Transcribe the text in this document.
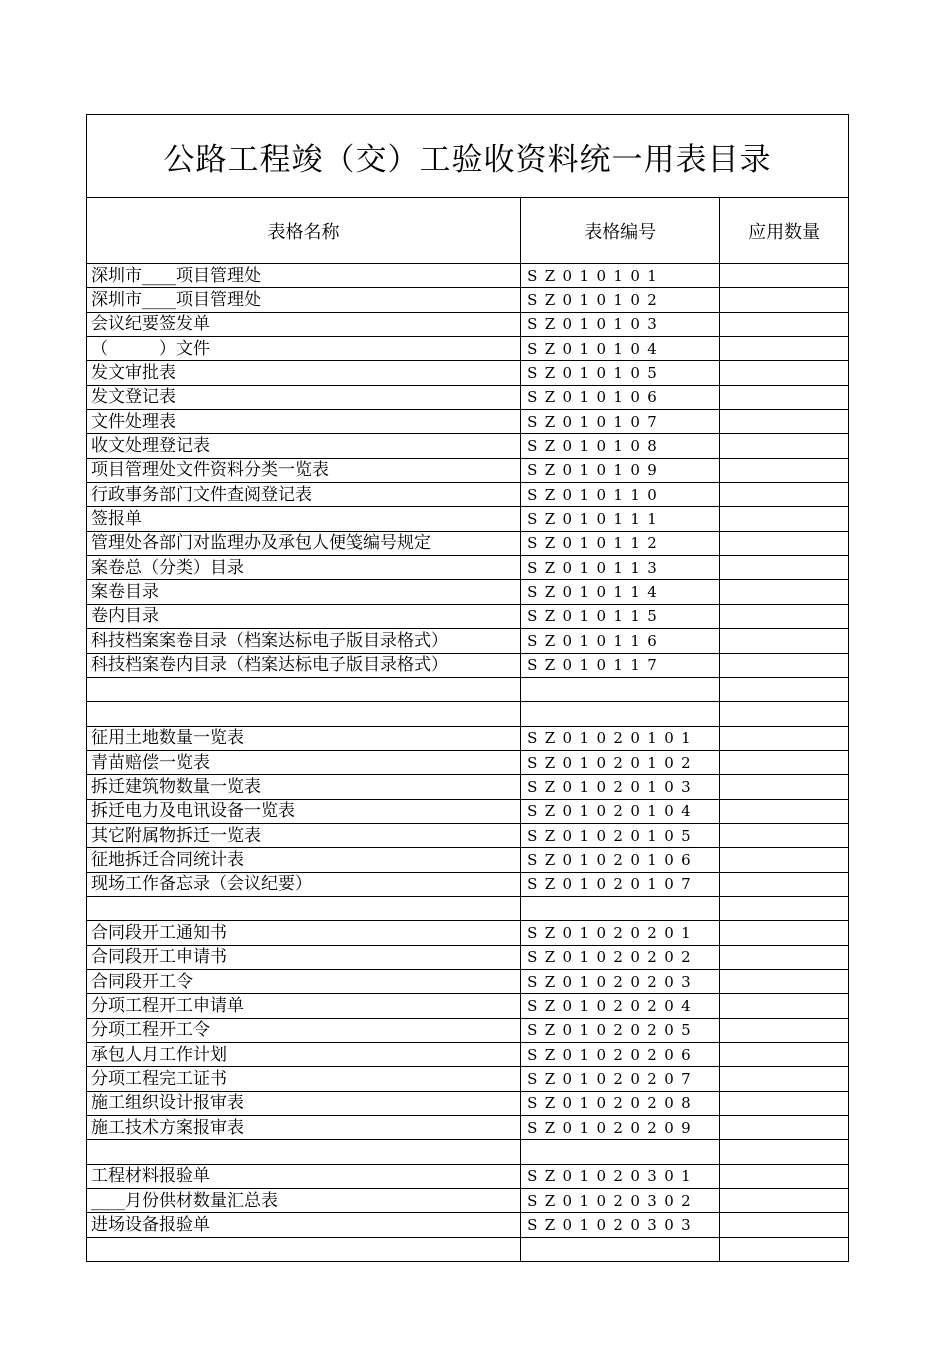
公路工程竣（交）工验收资料统一用表目录
表格名称	表格编号	应用数量
深圳市____项目管理处	SZ010101	
深圳市____项目管理处	SZ010102	
会议纪要签发单	SZ010103	
（　　　）文件	SZ010104	
发文审批表	SZ010105	
发文登记表	SZ010106	
文件处理表	SZ010107	
收文处理登记表	SZ010108	
项目管理处文件资料分类一览表	SZ010109	
行政事务部门文件查阅登记表	SZ010110	
签报单	SZ010111	
管理处各部门对监理办及承包人便笺编号规定	SZ010112	
案卷总（分类）目录	SZ010113	
案卷目录	SZ010114	
卷内目录	SZ010115	
科技档案案卷目录（档案达标电子版目录格式）	SZ010116	
科技档案卷内目录（档案达标电子版目录格式）	SZ010117	

征用土地数量一览表	SZ01020101	
青苗赔偿一览表	SZ01020102	
拆迁建筑物数量一览表	SZ01020103	
拆迁电力及电讯设备一览表	SZ01020104	
其它附属物拆迁一览表	SZ01020105	
征地拆迁合同统计表	SZ01020106	
现场工作备忘录（会议纪要）	SZ01020107	

合同段开工通知书	SZ01020201	
合同段开工申请书	SZ01020202	
合同段开工令	SZ01020203	
分项工程开工申请单	SZ01020204	
分项工程开工令	SZ01020205	
承包人月工作计划	SZ01020206	
分项工程完工证书	SZ01020207	
施工组织设计报审表	SZ01020208	
施工技术方案报审表	SZ01020209	

工程材料报验单	SZ01020301	
____月份供材数量汇总表	SZ01020302	
进场设备报验单	SZ01020303	
